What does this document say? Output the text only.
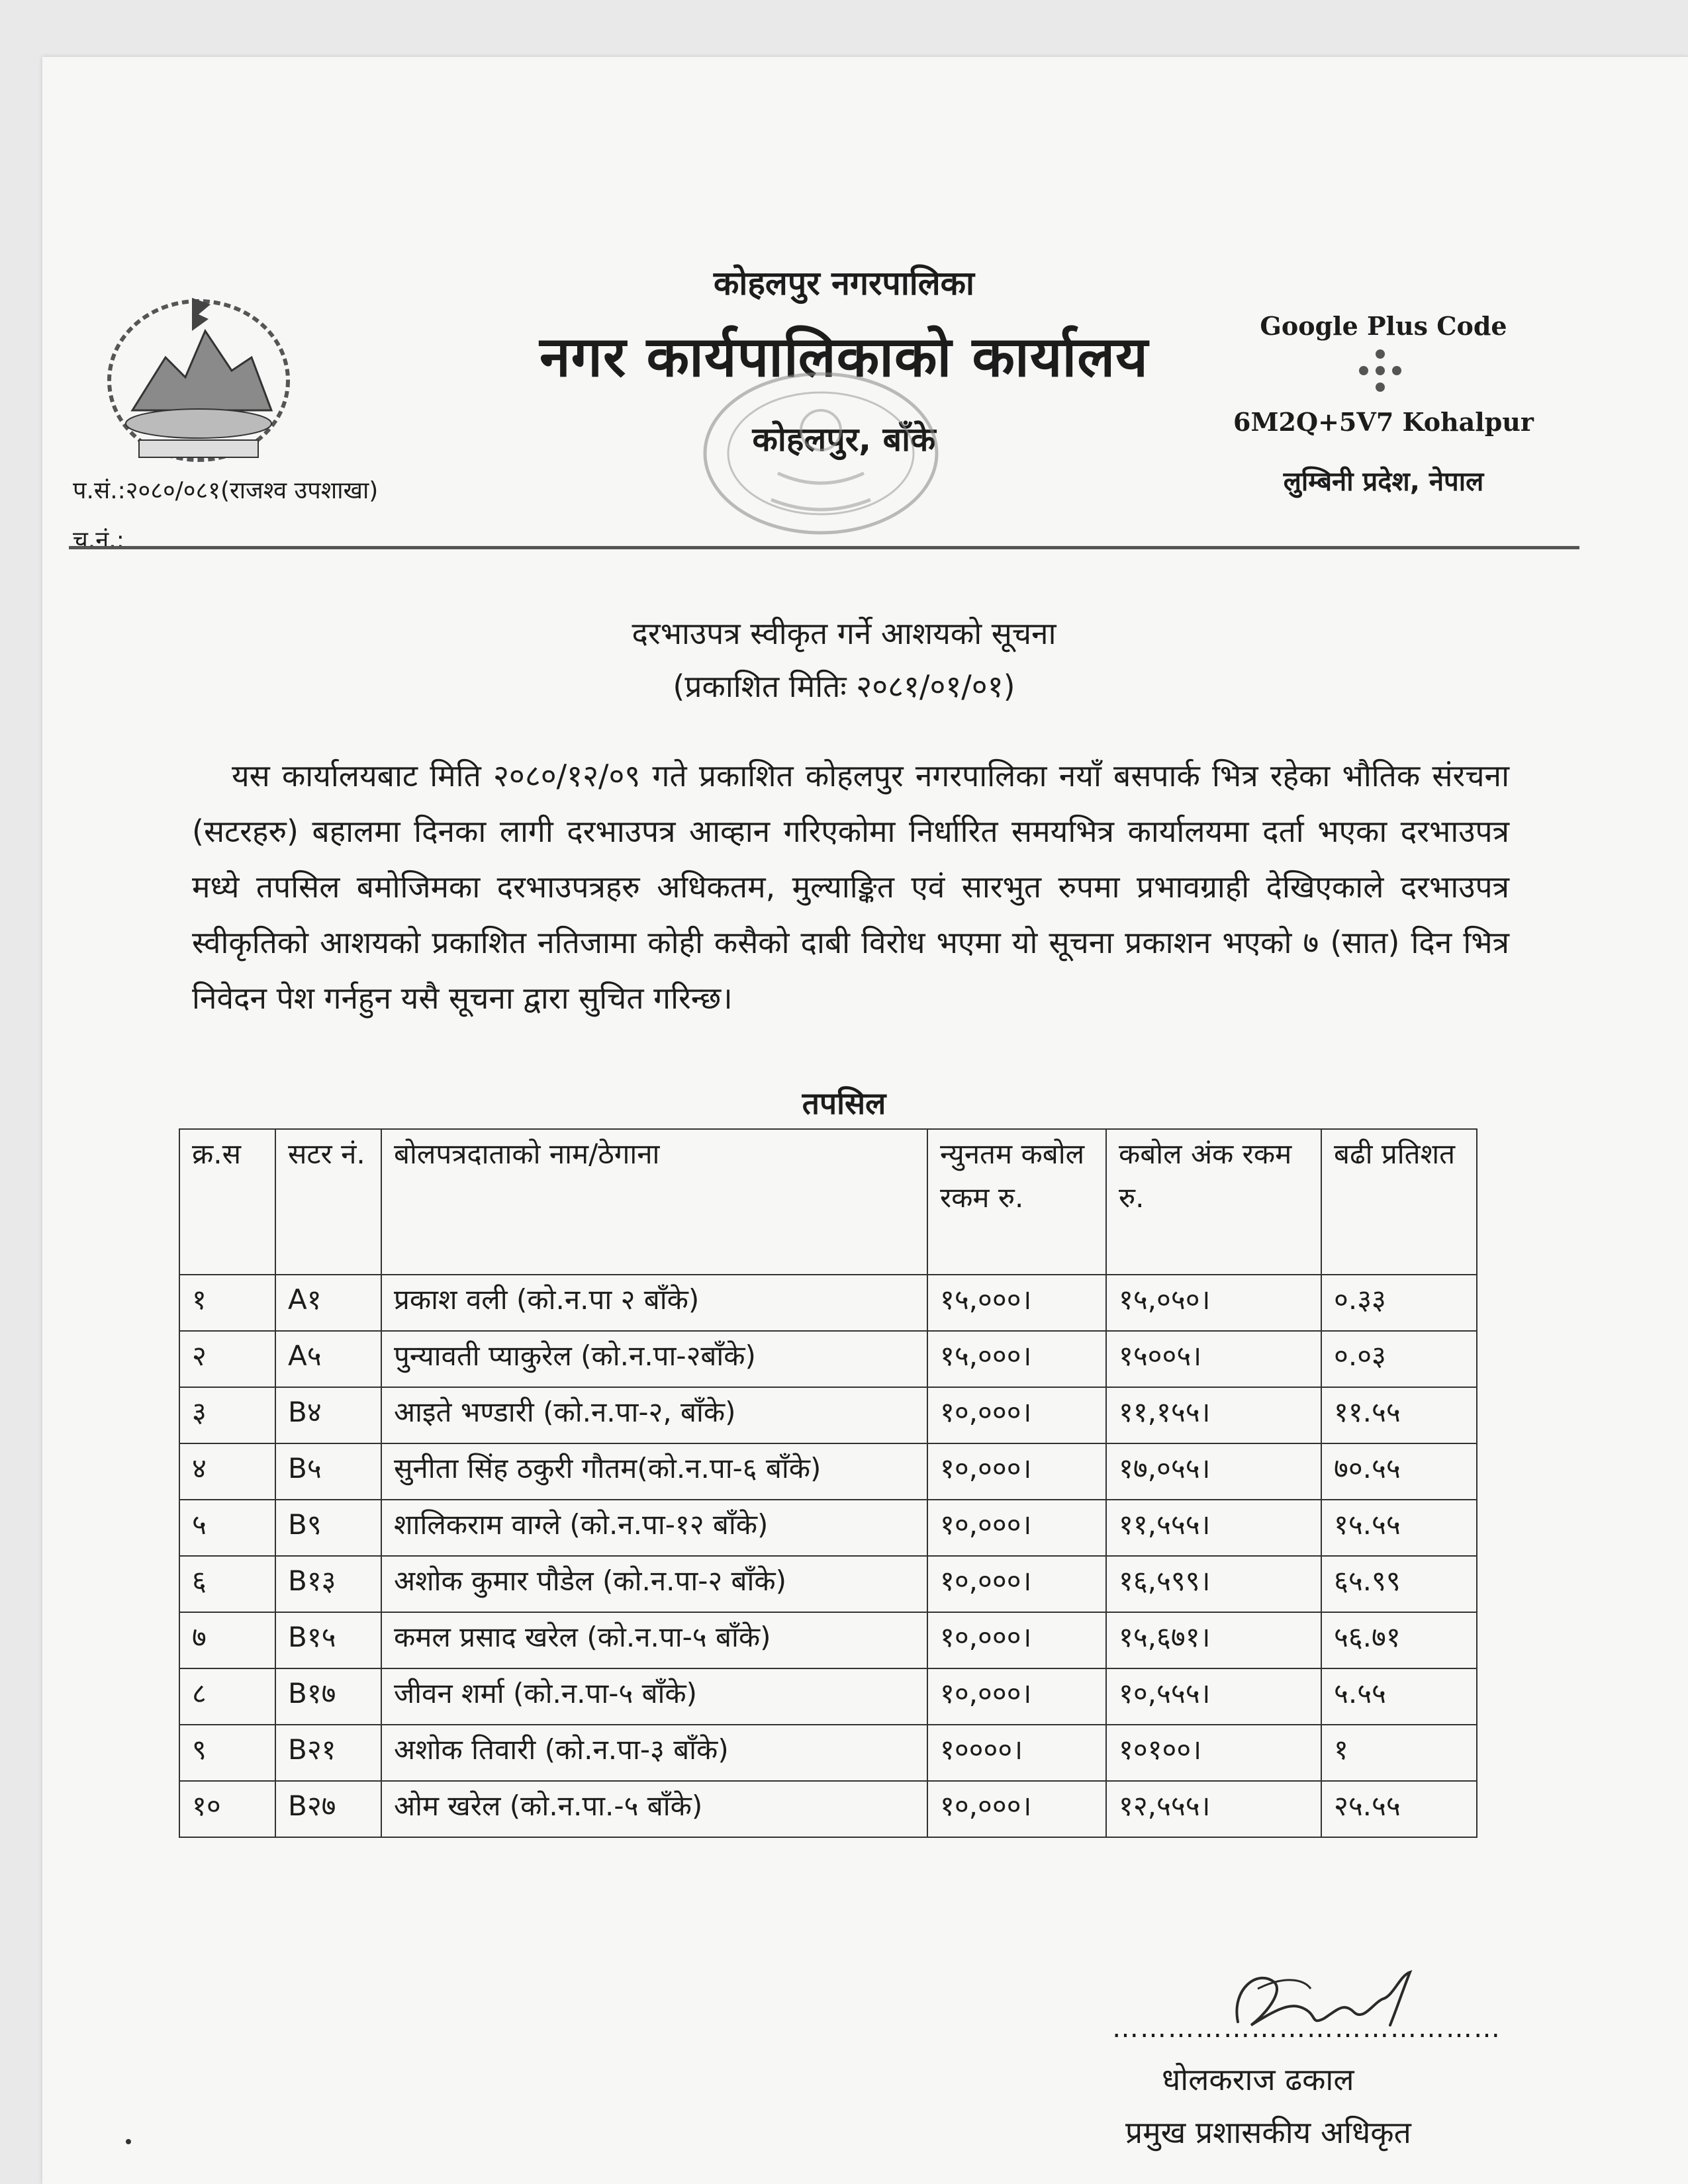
कोहलपुर नगरपालिका
नगर कार्यपालिकाको कार्यालय
कोहलपुर, बाँके
Google Plus Code
6M2Q+5V7 Kohalpur
लुम्बिनी प्रदेश, नेपाल
प.सं.:२०८०/०८१(राजश्व उपशाखा)
च.नं.:
दरभाउपत्र स्वीकृत गर्ने आशयको सूचना
(प्रकाशित मितिः २०८१/०१/०१)
यस कार्यालयबाट मिति २०८०/१२/०९ गते प्रकाशित कोहलपुर नगरपालिका नयाँ बसपार्क भित्र रहेका भौतिक संरचना (सटरहरु) बहालमा दिनका लागी दरभाउपत्र आव्हान गरिएकोमा निर्धारित समयभित्र कार्यालयमा दर्ता भएका दरभाउपत्र मध्ये तपसिल बमोजिमका दरभाउपत्रहरु अधिकतम, मुल्याङ्कित एवं सारभुत रुपमा प्रभावग्राही देखिएकाले दरभाउपत्र स्वीकृतिको आशयको प्रकाशित नतिजामा कोही कसैको दाबी विरोध भएमा यो सूचना प्रकाशन भएको ७ (सात) दिन भित्र निवेदन पेश गर्नहुन यसै सूचना द्वारा सुचित गरिन्छ।
तपसिल
क्र.स	सटर नं.	बोलपत्रदाताको नाम/ठेगाना	न्युनतम कबोल रकम रु.	कबोल अंक रकम रु.	बढी प्रतिशत
१	A१	प्रकाश वली (को.न.पा २ बाँके)	१५,०००।	१५,०५०।	०.३३
२	A५	पुन्यावती प्याकुरेल (को.न.पा-२बाँके)	१५,०००।	१५००५।	०.०३
३	B४	आइते भण्डारी (को.न.पा-२, बाँके)	१०,०००।	११,१५५।	११.५५
४	B५	सुनीता सिंह ठकुरी गौतम(को.न.पा-६ बाँके)	१०,०००।	१७,०५५।	७०.५५
५	B९	शालिकराम वाग्ले (को.न.पा-१२ बाँके)	१०,०००।	११,५५५।	१५.५५
६	B१३	अशोक कुमार पौडेल (को.न.पा-२ बाँके)	१०,०००।	१६,५९९।	६५.९९
७	B१५	कमल प्रसाद खरेल (को.न.पा-५ बाँके)	१०,०००।	१५,६७१।	५६.७१
८	B१७	जीवन शर्मा (को.न.पा-५ बाँके)	१०,०००।	१०,५५५।	५.५५
९	B२१	अशोक तिवारी (को.न.पा-३ बाँके)	१००००।	१०१००।	१
१०	B२७	ओम खरेल (को.न.पा.-५ बाँके)	१०,०००।	१२,५५५।	२५.५५
……………………………………
धोलकराज ढकाल
प्रमुख प्रशासकीय अधिकृत
